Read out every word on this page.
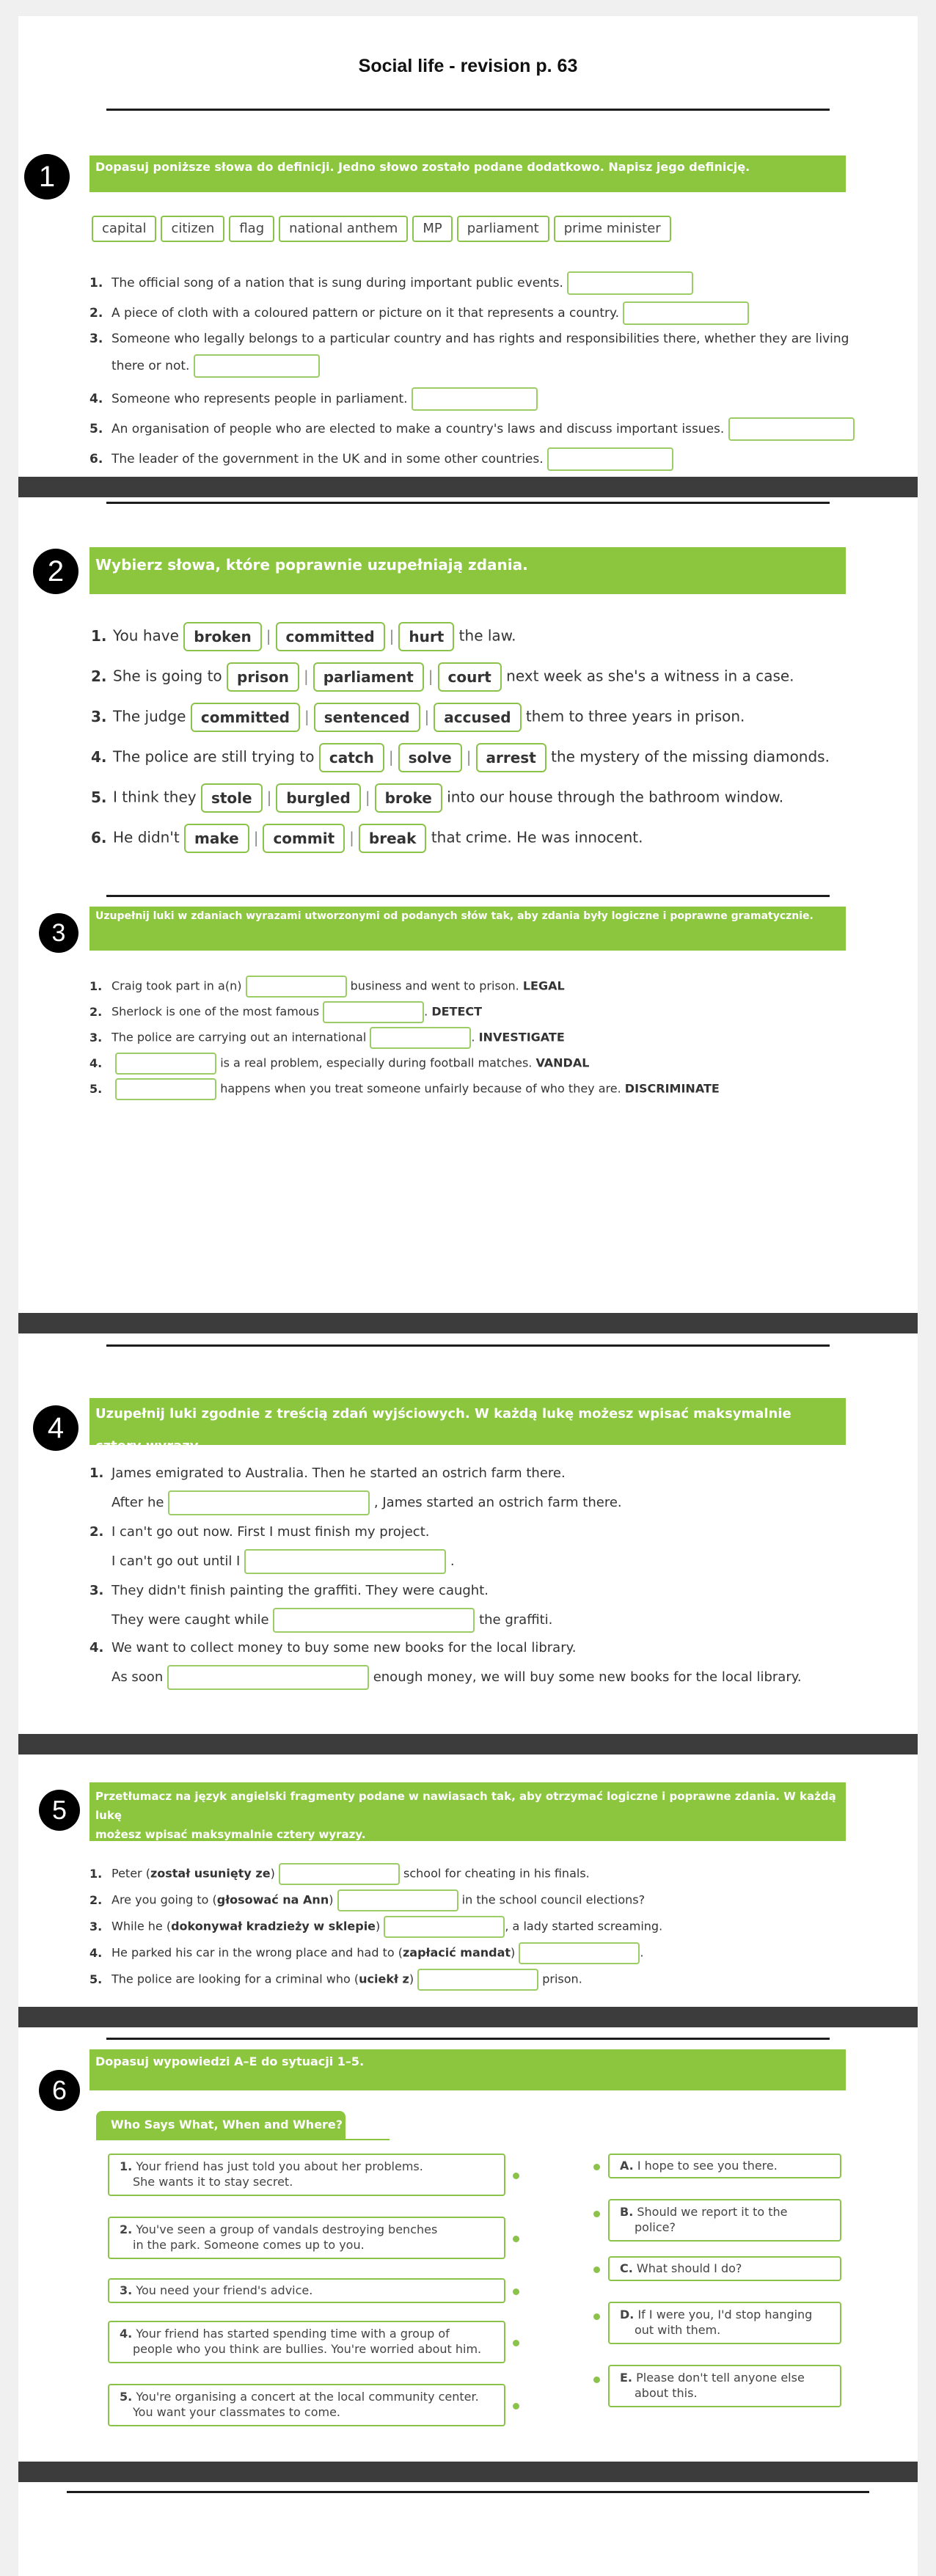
Social life - revision p. 63
1	Dopasuj poniższe słowa do definicji. Jedno słowo zostało podane dodatkowo. Napisz jego definicję.
capital citizen flag national anthem MP parliament prime minister
1. The official song of a nation that is sung during important public events.
2. A piece of cloth with a coloured pattern or picture on it that represents a country.
3. Someone who legally belongs to a particular country and has rights and responsibilities there, whether they are living
there or not.
4. Someone who represents people in parliament.
5. An organisation of people who are elected to make a country's laws and discuss important issues.
6. The leader of the government in the UK and in some other countries.
2	Wybierz słowa, które poprawnie uzupełniają zdania.
1. You have broken | committed | hurt the law.
2. She is going to prison | parliament | court next week as she's a witness in a case.
3. The judge committed | sentenced | accused them to three years in prison.
4. The police are still trying to catch | solve | arrest the mystery of the missing diamonds.
5. I think they stole | burgled | broke into our house through the bathroom window.
6. He didn't make | commit | break that crime. He was innocent.
3
Uzupełnij luki w zdaniach wyrazami utworzonymi od podanych słów tak, aby zdania były logiczne i poprawne gramatycznie.
1. Craig took part in a(n)	business and went to prison. LEGAL
2. Sherlock is one of the most famous	. DETECT
3. The police are carrying out an international	. INVESTIGATE
4.	is a real problem, especially during football matches. VANDAL
5.	happens when you treat someone unfairly because of who they are. DISCRIMINATE
4	Uzupełnij luki zgodnie z treścią zdań wyjściowych. W każdą lukę możesz wpisać maksymalnie cztery wyrazy.
1. James emigrated to Australia. Then he started an ostrich farm there.
After he	, James started an ostrich farm there.
2. I can't go out now. First I must finish my project.
I can't go out until I	.
3. They didn't finish painting the graffiti. They were caught.
They were caught while	the graffiti.
4. We want to collect money to buy some new books for the local library.
As soon	enough money, we will buy some new books for the local library.
5	Przetłumacz na język angielski fragmenty podane w nawiasach tak, aby otrzymać logiczne i poprawne zdania. W każdą lukę
możesz wpisać maksymalnie cztery wyrazy.
1. Peter (został usunięty ze)	school for cheating in his finals.
2. Are you going to (głosować na Ann)	in the school council elections?
3. While he (dokonywał kradzieży w sklepie)	, a lady started screaming.
4. He parked his car in the wrong place and had to (zapłacić mandat)	.
5. The police are looking for a criminal who (uciekł z)	prison.
6
Dopasuj wypowiedzi A–E do sytuacji 1–5.
Who Says What, When and Where?
1. Your friend has just told you about her problems.
She wants it to stay secret.
2. You've seen a group of vandals destroying benches
in the park. Someone comes up to you.
3. You need your friend's advice.
4. Your friend has started spending time with a group of
people who you think are bullies. You're worried about him.
5. You're organising a concert at the local community center.
You want your classmates to come.
A. I hope to see you there.
B. Should we report it to the
police?
C. What should I do?
D. If I were you, I'd stop hanging
out with them.
E. Please don't tell anyone else
about this.
